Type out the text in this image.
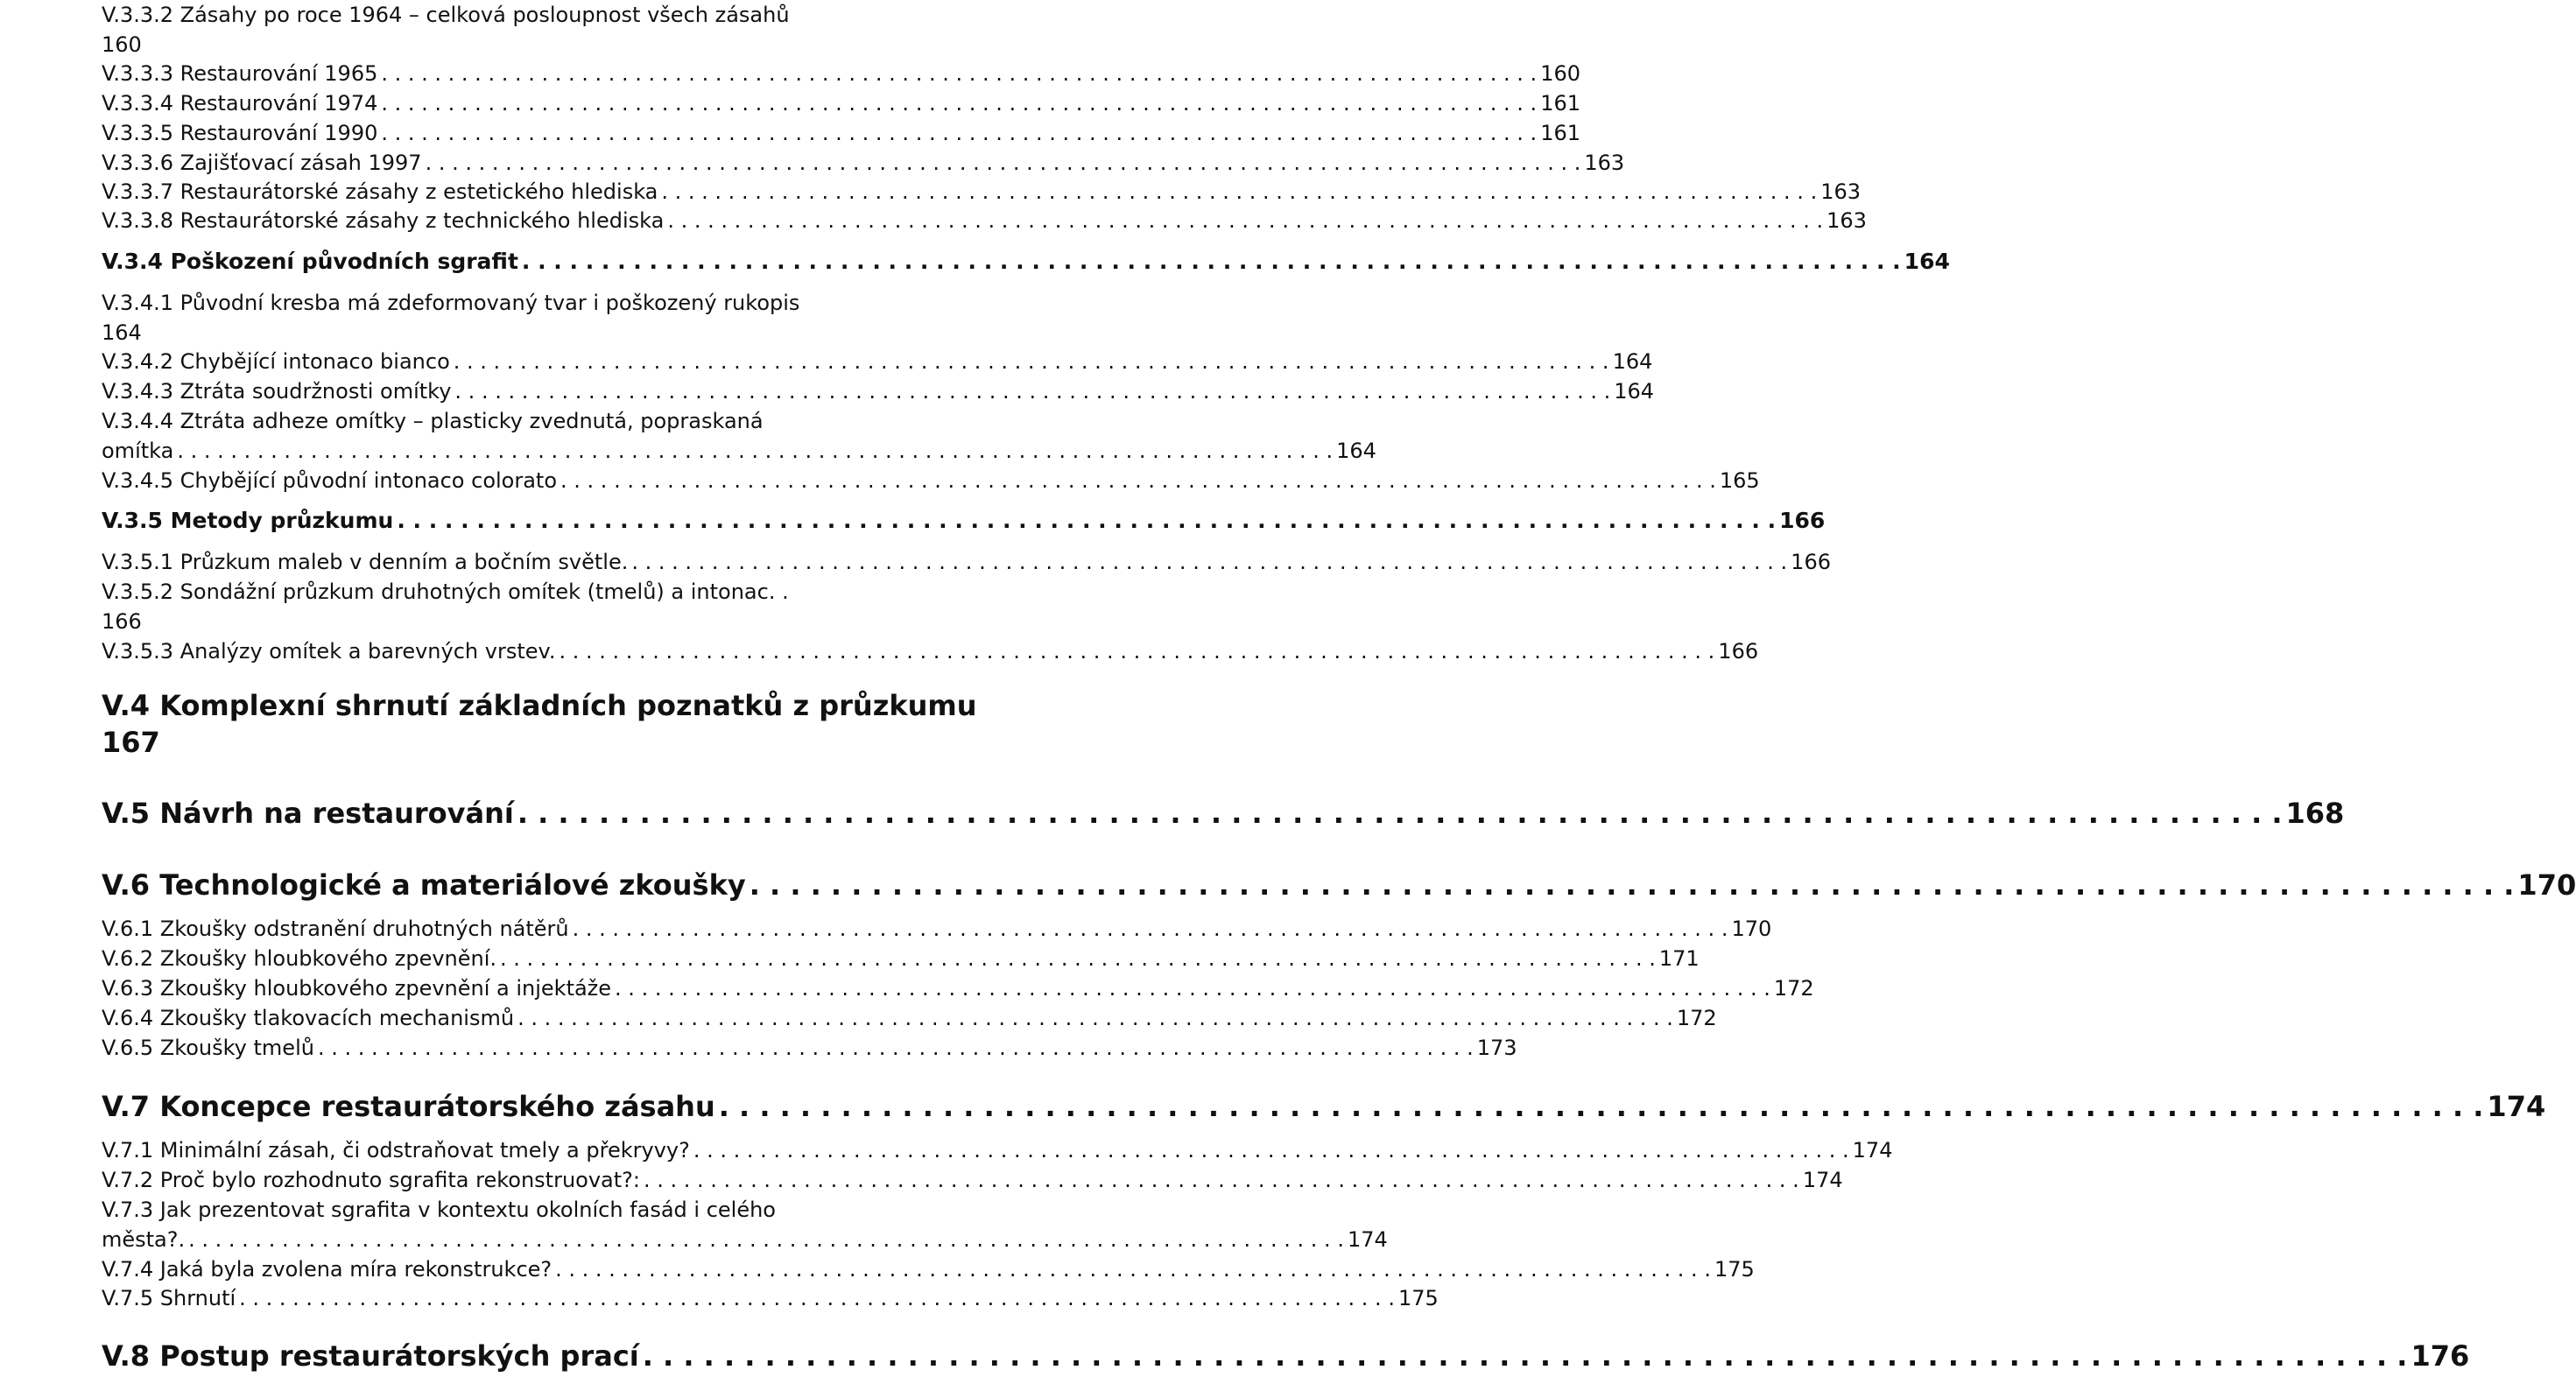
V.3.3.2 Zásahy po roce 1964 – celková posloupnost všech zásahů
160
V.3.3.3 Restaurování 1965 . . . . . . . . . . . . . . . . . . . . . . . . . . . . . . . . . . . . . . . . . . . . . . . . . . . . . . . . . . . . . . . . . . . . . . . . . . . . . . . . . . . . . . . 160
V.3.3.4 Restaurování 1974 . . . . . . . . . . . . . . . . . . . . . . . . . . . . . . . . . . . . . . . . . . . . . . . . . . . . . . . . . . . . . . . . . . . . . . . . . . . . . . . . . . . . . . . 161
V.3.3.5 Restaurování 1990 . . . . . . . . . . . . . . . . . . . . . . . . . . . . . . . . . . . . . . . . . . . . . . . . . . . . . . . . . . . . . . . . . . . . . . . . . . . . . . . . . . . . . . . 161
V.3.3.6 Zajišťovací zásah 1997 . . . . . . . . . . . . . . . . . . . . . . . . . . . . . . . . . . . . . . . . . . . . . . . . . . . . . . . . . . . . . . . . . . . . . . . . . . . . . . . . . . . . . . . 163
V.3.3.7 Restaurátorské zásahy z estetického hlediska . . . . . . . . . . . . . . . . . . . . . . . . . . . . . . . . . . . . . . . . . . . . . . . . . . . . . . . . . . . . . . . . . . . . . . . . . . . . . . . . . . . . . . . 163
V.3.3.8 Restaurátorské zásahy z technického hlediska . . . . . . . . . . . . . . . . . . . . . . . . . . . . . . . . . . . . . . . . . . . . . . . . . . . . . . . . . . . . . . . . . . . . . . . . . . . . . . . . . . . . . . . 163
V.3.4 Poškození původních sgrafit . . . . . . . . . . . . . . . . . . . . . . . . . . . . . . . . . . . . . . . . . . . . . . . . . . . . . . . . . . . . . . . . . . . . . . . . . . . . . . . . . . . . . . . 164
V.3.4.1 Původní kresba má zdeformovaný tvar i poškozený rukopis
164
V.3.4.2 Chybějící intonaco bianco . . . . . . . . . . . . . . . . . . . . . . . . . . . . . . . . . . . . . . . . . . . . . . . . . . . . . . . . . . . . . . . . . . . . . . . . . . . . . . . . . . . . . . . 164
V.3.4.3 Ztráta soudržnosti omítky . . . . . . . . . . . . . . . . . . . . . . . . . . . . . . . . . . . . . . . . . . . . . . . . . . . . . . . . . . . . . . . . . . . . . . . . . . . . . . . . . . . . . . . 164
V.3.4.4 Ztráta adheze omítky – plasticky zvednutá, popraskaná
omítka . . . . . . . . . . . . . . . . . . . . . . . . . . . . . . . . . . . . . . . . . . . . . . . . . . . . . . . . . . . . . . . . . . . . . . . . . . . . . . . . . . . . . . . 164
V.3.4.5 Chybějící původní intonaco colorato . . . . . . . . . . . . . . . . . . . . . . . . . . . . . . . . . . . . . . . . . . . . . . . . . . . . . . . . . . . . . . . . . . . . . . . . . . . . . . . . . . . . . . . 165
V.3.5 Metody průzkumu . . . . . . . . . . . . . . . . . . . . . . . . . . . . . . . . . . . . . . . . . . . . . . . . . . . . . . . . . . . . . . . . . . . . . . . . . . . . . . . . . . . . . . . 166
V.3.5.1 Průzkum maleb v denním a bočním světle. . . . . . . . . . . . . . . . . . . . . . . . . . . . . . . . . . . . . . . . . . . . . . . . . . . . . . . . . . . . . . . . . . . . . . . . . . . . . . . . . . . . . . . . 166
V.3.5.2 Sondážní průzkum druhotných omítek (tmelů) a intonac. .
166
V.3.5.3 Analýzy omítek a barevných vrstev. . . . . . . . . . . . . . . . . . . . . . . . . . . . . . . . . . . . . . . . . . . . . . . . . . . . . . . . . . . . . . . . . . . . . . . . . . . . . . . . . . . . . . . . 166
V.4 Komplexní shrnutí základních poznatků z průzkumu
167
V.5 Návrh na restaurování . . . . . . . . . . . . . . . . . . . . . . . . . . . . . . . . . . . . . . . . . . . . . . . . . . . . . . . . . . . . . . . . . . . . . . . . . . . . . . . . . . . . . . . 168
V.6 Technologické a materiálové zkoušky . . . . . . . . . . . . . . . . . . . . . . . . . . . . . . . . . . . . . . . . . . . . . . . . . . . . . . . . . . . . . . . . . . . . . . . . . . . . . . . . . . . . . . . 170
V.6.1 Zkoušky odstranění druhotných nátěrů . . . . . . . . . . . . . . . . . . . . . . . . . . . . . . . . . . . . . . . . . . . . . . . . . . . . . . . . . . . . . . . . . . . . . . . . . . . . . . . . . . . . . . . 170
V.6.2 Zkoušky hloubkového zpevnění. . . . . . . . . . . . . . . . . . . . . . . . . . . . . . . . . . . . . . . . . . . . . . . . . . . . . . . . . . . . . . . . . . . . . . . . . . . . . . . . . . . . . . . . 171
V.6.3 Zkoušky hloubkového zpevnění a injektáže . . . . . . . . . . . . . . . . . . . . . . . . . . . . . . . . . . . . . . . . . . . . . . . . . . . . . . . . . . . . . . . . . . . . . . . . . . . . . . . . . . . . . . . 172
V.6.4 Zkoušky tlakovacích mechanismů . . . . . . . . . . . . . . . . . . . . . . . . . . . . . . . . . . . . . . . . . . . . . . . . . . . . . . . . . . . . . . . . . . . . . . . . . . . . . . . . . . . . . . . 172
V.6.5 Zkoušky tmelů . . . . . . . . . . . . . . . . . . . . . . . . . . . . . . . . . . . . . . . . . . . . . . . . . . . . . . . . . . . . . . . . . . . . . . . . . . . . . . . . . . . . . . . 173
V.7 Koncepce restaurátorského zásahu . . . . . . . . . . . . . . . . . . . . . . . . . . . . . . . . . . . . . . . . . . . . . . . . . . . . . . . . . . . . . . . . . . . . . . . . . . . . . . . . . . . . . . . 174
V.7.1 Minimální zásah, či odstraňovat tmely a překryvy? . . . . . . . . . . . . . . . . . . . . . . . . . . . . . . . . . . . . . . . . . . . . . . . . . . . . . . . . . . . . . . . . . . . . . . . . . . . . . . . . . . . . . . . 174
V.7.2 Proč bylo rozhodnuto sgrafita rekonstruovat?: . . . . . . . . . . . . . . . . . . . . . . . . . . . . . . . . . . . . . . . . . . . . . . . . . . . . . . . . . . . . . . . . . . . . . . . . . . . . . . . . . . . . . . . 174
V.7.3 Jak prezentovat sgrafita v kontextu okolních fasád i celého
města?. . . . . . . . . . . . . . . . . . . . . . . . . . . . . . . . . . . . . . . . . . . . . . . . . . . . . . . . . . . . . . . . . . . . . . . . . . . . . . . . . . . . . . . . 174
V.7.4 Jaká byla zvolena míra rekonstrukce? . . . . . . . . . . . . . . . . . . . . . . . . . . . . . . . . . . . . . . . . . . . . . . . . . . . . . . . . . . . . . . . . . . . . . . . . . . . . . . . . . . . . . . . 175
V.7.5 Shrnutí . . . . . . . . . . . . . . . . . . . . . . . . . . . . . . . . . . . . . . . . . . . . . . . . . . . . . . . . . . . . . . . . . . . . . . . . . . . . . . . . . . . . . . . 175
V.8 Postup restaurátorských prací . . . . . . . . . . . . . . . . . . . . . . . . . . . . . . . . . . . . . . . . . . . . . . . . . . . . . . . . . . . . . . . . . . . . . . . . . . . . . . . . . . . . . . . 176
